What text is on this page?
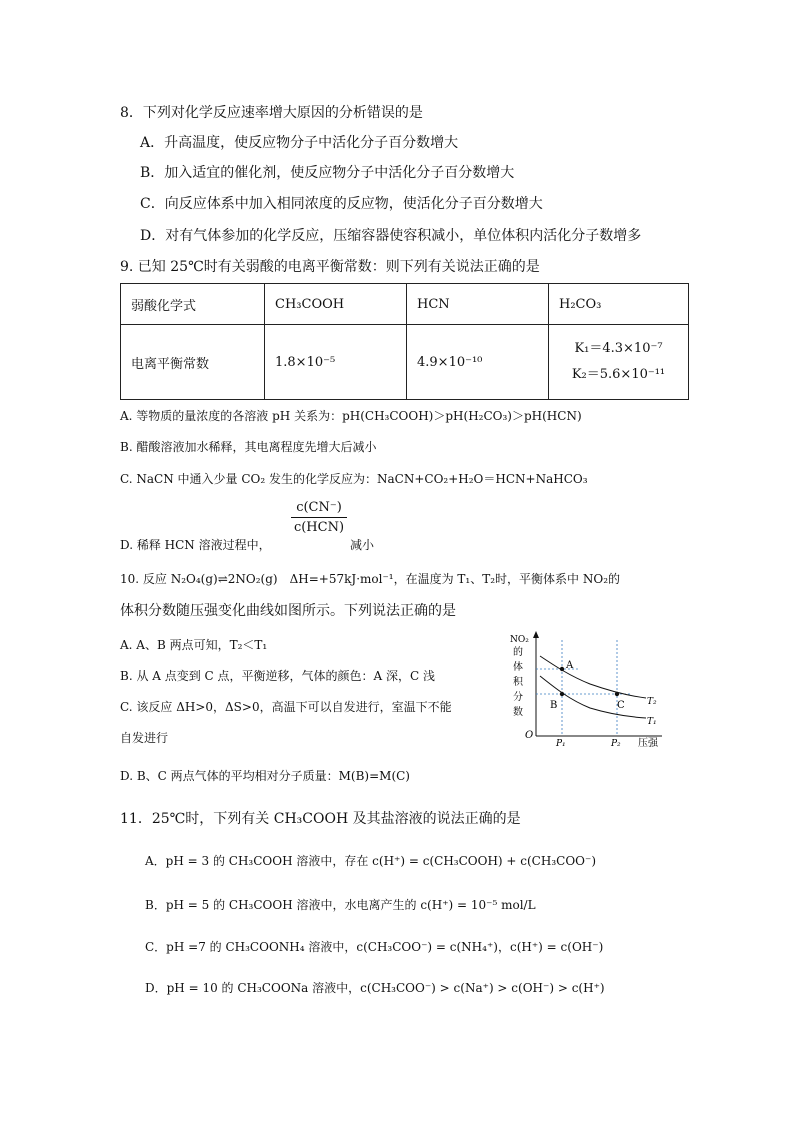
8．下列对化学反应速率增大原因的分析错误的是
A．升高温度，使反应物分子中活化分子百分数增大
B．加入适宜的催化剂，使反应物分子中活化分子百分数增大
C．向反应体系中加入相同浓度的反应物，使活化分子百分数增大
D．对有气体参加的化学反应，压缩容器使容积减小，单位体积内活化分子数增多
9. 已知 25℃时有关弱酸的电离平衡常数：则下列有关说法正确的是
弱酸化学式	CH₃COOH	HCN	H₂CO₃
电离平衡常数	1.8×10⁻⁵	4.9×10⁻¹⁰	K₁＝4.3×10⁻⁷
K₂＝5.6×10⁻¹¹
A. 等物质的量浓度的各溶液 pH 关系为：pH(CH₃COOH)＞pH(H₂CO₃)＞pH(HCN)
B. 醋酸溶液加水稀释，其电离程度先增大后减小
C. NaCN 中通入少量 CO₂ 发生的化学反应为：NaCN+CO₂+H₂O＝HCN+NaHCO₃
D. 稀释 HCN 溶液过程中，
c(CN⁻)
c(HCN)
减小
10. 反应 N₂O₄(g)⇌2NO₂(g)　ΔH=+57kJ·mol⁻¹，在温度为 T₁、T₂时，平衡体系中 NO₂的
体积分数随压强变化曲线如图所示。下列说法正确的是
A. A、B 两点可知，T₂＜T₁
B. 从 A 点变到 C 点，平衡逆移，气体的颜色：A 深，C 浅
C. 该反应 ΔH>0，ΔS>0，高温下可以自发进行，室温下不能
自发进行
D. B、C 两点气体的平均相对分子质量：M(B)=M(C)
NO₂
的
体
积
分
数
O
P₁	P₂ 压强
A
B	C T₂
T₁
11．25℃时，下列有关 CH₃COOH 及其盐溶液的说法正确的是
A．pH = 3 的 CH₃COOH 溶液中，存在 c(H⁺) = c(CH₃COOH) + c(CH₃COO⁻)
B．pH = 5 的 CH₃COOH 溶液中，水电离产生的 c(H⁺) = 10⁻⁵ mol/L
C．pH =7 的 CH₃COONH₄ 溶液中，c(CH₃COO⁻) = c(NH₄⁺)，c(H⁺) = c(OH⁻)
D．pH = 10 的 CH₃COONa 溶液中，c(CH₃COO⁻) > c(Na⁺) > c(OH⁻) > c(H⁺)
